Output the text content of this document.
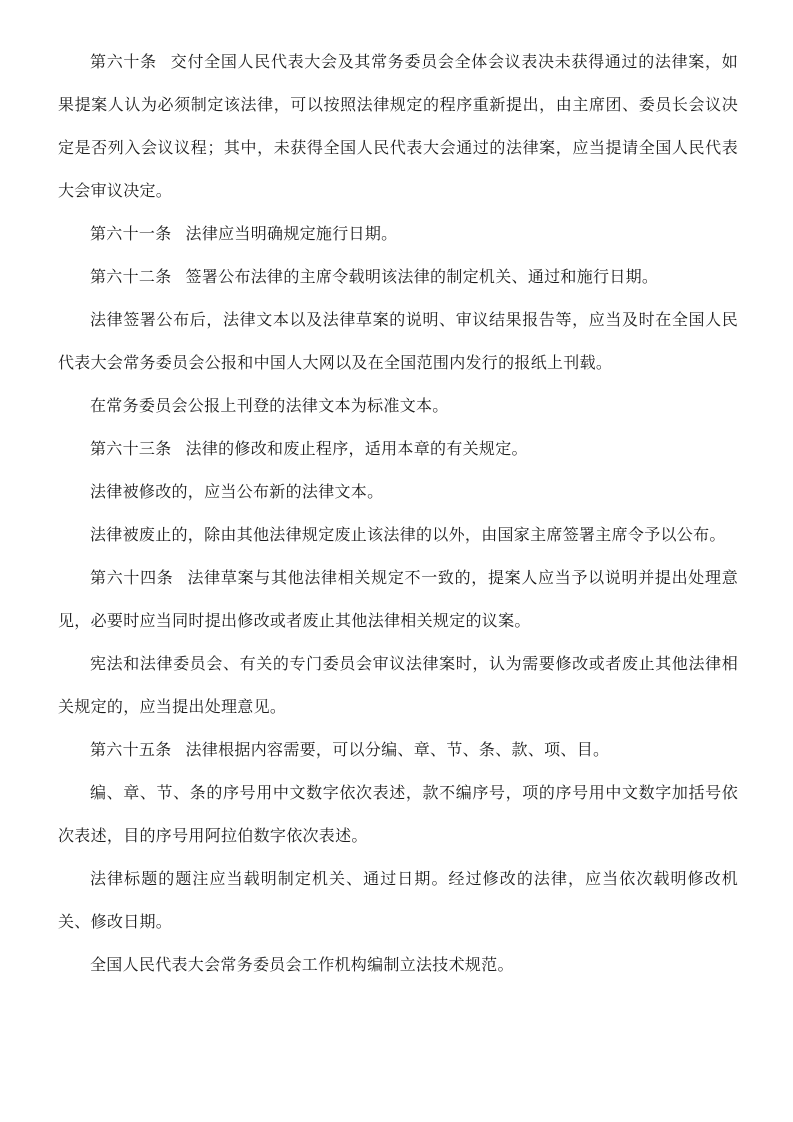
第六十条 交付全国人民代表大会及其常务委员会全体会议表决未获得通过的法律案，如果提案人认为必须制定该法律，可以按照法律规定的程序重新提出，由主席团、委员长会议决定是否列入会议议程；其中，未获得全国人民代表大会通过的法律案，应当提请全国人民代表大会审议决定。

第六十一条 法律应当明确规定施行日期。

第六十二条 签署公布法律的主席令载明该法律的制定机关、通过和施行日期。

法律签署公布后，法律文本以及法律草案的说明、审议结果报告等，应当及时在全国人民代表大会常务委员会公报和中国人大网以及在全国范围内发行的报纸上刊载。

在常务委员会公报上刊登的法律文本为标准文本。

第六十三条 法律的修改和废止程序，适用本章的有关规定。

法律被修改的，应当公布新的法律文本。

法律被废止的，除由其他法律规定废止该法律的以外，由国家主席签署主席令予以公布。

第六十四条 法律草案与其他法律相关规定不一致的，提案人应当予以说明并提出处理意见，必要时应当同时提出修改或者废止其他法律相关规定的议案。

宪法和法律委员会、有关的专门委员会审议法律案时，认为需要修改或者废止其他法律相关规定的，应当提出处理意见。

第六十五条 法律根据内容需要，可以分编、章、节、条、款、项、目。

编、章、节、条的序号用中文数字依次表述，款不编序号，项的序号用中文数字加括号依次表述，目的序号用阿拉伯数字依次表述。

法律标题的题注应当载明制定机关、通过日期。经过修改的法律，应当依次载明修改机关、修改日期。

全国人民代表大会常务委员会工作机构编制立法技术规范。
